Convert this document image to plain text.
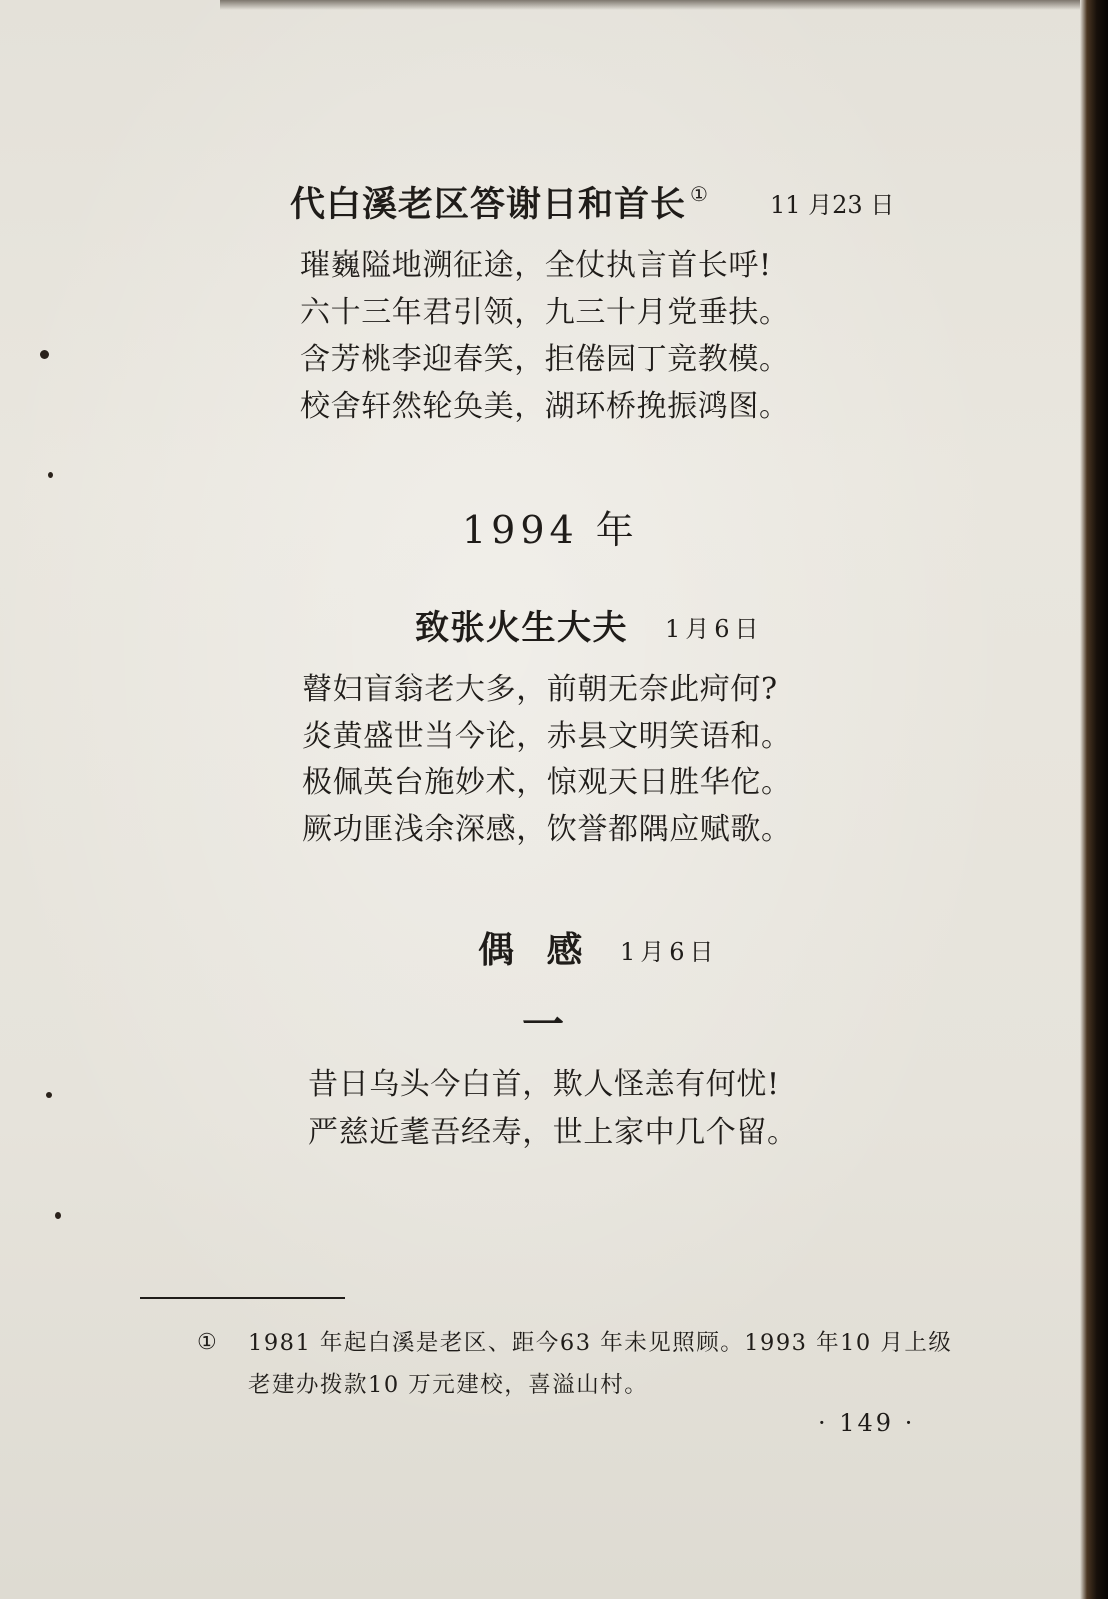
代白溪老区答谢日和首长 ①	11 月23 日
璀巍隘地溯征途，全仗执言首长呼!
六十三年君引领，九三十月党垂扶。
含芳桃李迎春笑，拒倦园丁竞教模。
校舍轩然轮奂美，湖环桥挽振鸿图。
1994 年
致张火生大夫 1月6日
瞽妇盲翁老大多，前朝无奈此疴何?
炎黄盛世当今论，赤县文明笑语和。
极佩英台施妙术，惊观天日胜华佗。
厥功匪浅余深感，饮誉都隅应赋歌。
偶 感 1月6日
一
昔日乌头今白首，欺人怪恙有何忧!
严慈近耄吾经寿，世上家中几个留。
① 1981 年起白溪是老区、距今63 年未见照顾。1993 年10 月上级
老建办拨款10 万元建校，喜溢山村。
· 149 ·
